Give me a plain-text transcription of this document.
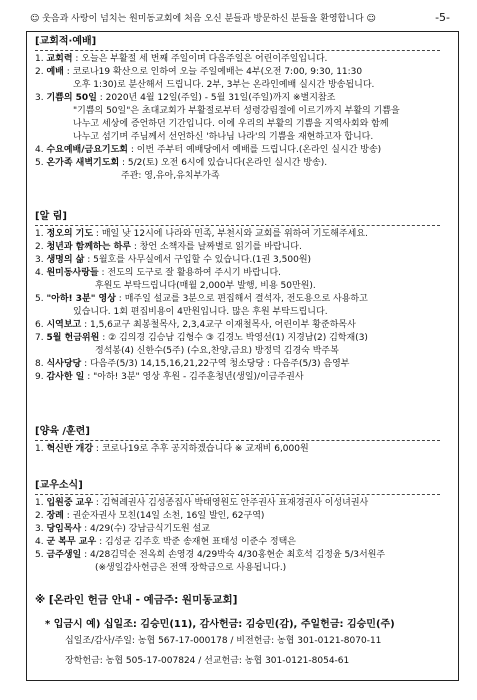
☺ 웃음과 사랑이 넘치는 원미동교회에 처음 오신 분들과 방문하신 분들을 환영합니다 ☺	-5-
[교회적·예배]
1. 교회력 : 오늘은 부활절 세 번째 주일이며 다음주일은 어린이주일입니다.
2. 예배 : 코로나19 확산으로 인하여 오늘 주일예배는 4부(오전 7:00, 9:30, 11:30
오후 1:30)로 분산해서 드립니다. 2부, 3부는 온라인예배 실시간 방송됩니다.
3. 기쁨의 50일 : 2020년 4월 12일(주일) - 5월 31일(주일)까지 ※별지참조
"기쁨의 50일"은 초대교회가 부활절로부터 성령강림절에 이르기까지 부활의 기쁨을
나누고 세상에 증언하던 기간입니다. 이에 우리의 부활의 기쁨을 지역사회와 함께
나누고 섬기며 주님께서 선언하신 '하나님 나라'의 기쁨을 재현하고자 합니다.
4. 수요예배/금요기도회 : 이번 주부터 예배당에서 예배를 드립니다.(온라인 실시간 방송)
5. 온가족 새벽기도회 : 5/2(토) 오전 6시에 있습니다(온라인 실시간 방송).
주관: 영,유아,유치부가족
[알 림]
1. 정오의 기도 : 매일 낮 12시에 나라와 민족, 부천시와 교회를 위하여 기도해주세요.
2. 청년과 함께하는 하루 : 창언 소책자를 날짜별로 읽기를 바랍니다.
3. 생명의 삶 : 5월호를 사무실에서 구입할 수 있습니다.(1권 3,500원)
4. 원미동사랑들 : 전도의 도구로 잘 활용하여 주시기 바랍니다.
후원도 부탁드립니다(매월 2,000부 발행, 비용 50만원).
5. "아하! 3분" 영상 : 매주일 설교를 3분으로 편집해서 결석자, 전도용으로 사용하고
있습니다. 1회 편집비용이 4만원입니다. 많은 후원 부탁드립니다.
6. 시역보고 : 1,5,6교구 최봉철목사, 2,3,4교구 이재철목사, 어린이부 황준하목사
7. 5월 헌금위원 : ② 김의경 김승남 김형수 ③ 김경노 박영선(1) 지경남(2) 김학재(3)
정석봉(4) 신한수(5주) (수요,찬양,금요) 방정덕 김경숙 박주복
8. 식사당당 : 다음주(5/3) 14,15,16,21,22구역 청소당당 : 다음주(5/3) 음영부
9. 감사한 일 : "아하! 3분" 영상 후원 - 김주훈청년(생일)/이금주권사
[양육 /훈련]
1. 혁신반 개강 : 코로나19로 추후 공지하겠습니다 ※ 교재비 6,000원
[교우소식]
1. 입원중 교우 : 김혁례권사 김성종집사 박태영원도 안주권사 표재경권사 이성녀권사
2. 장례 : 권순자권사 모친(14일 소천, 16일 발인, 62구역)
3. 당임목사 : 4/29(수) 강남금식기도원 설교
4. 군 복무 교우 : 김성균 김주호 박준 송재현 표태성 이준수 정택은
5. 금주생일 : 4/28김덕순 전옥희 손영경 4/29박숙 4/30홍현순 최호석 김정윤 5/3서원주
(※생일감사헌금은 전액 장학금으로 사용됩니다.)
※ [온라인 헌금 안내 - 예금주: 원미동교회]
* 입금시 예) 십일조: 김승민(11), 감사헌금: 김승민(감), 주일헌금: 김승민(주)
십일조/감사/주일: 농협 567-17-000178 / 비전헌금: 농협 301-0121-8070-11
장학헌금: 농협 505-17-007824 / 선교헌금: 농협 301-0121-8054-61
